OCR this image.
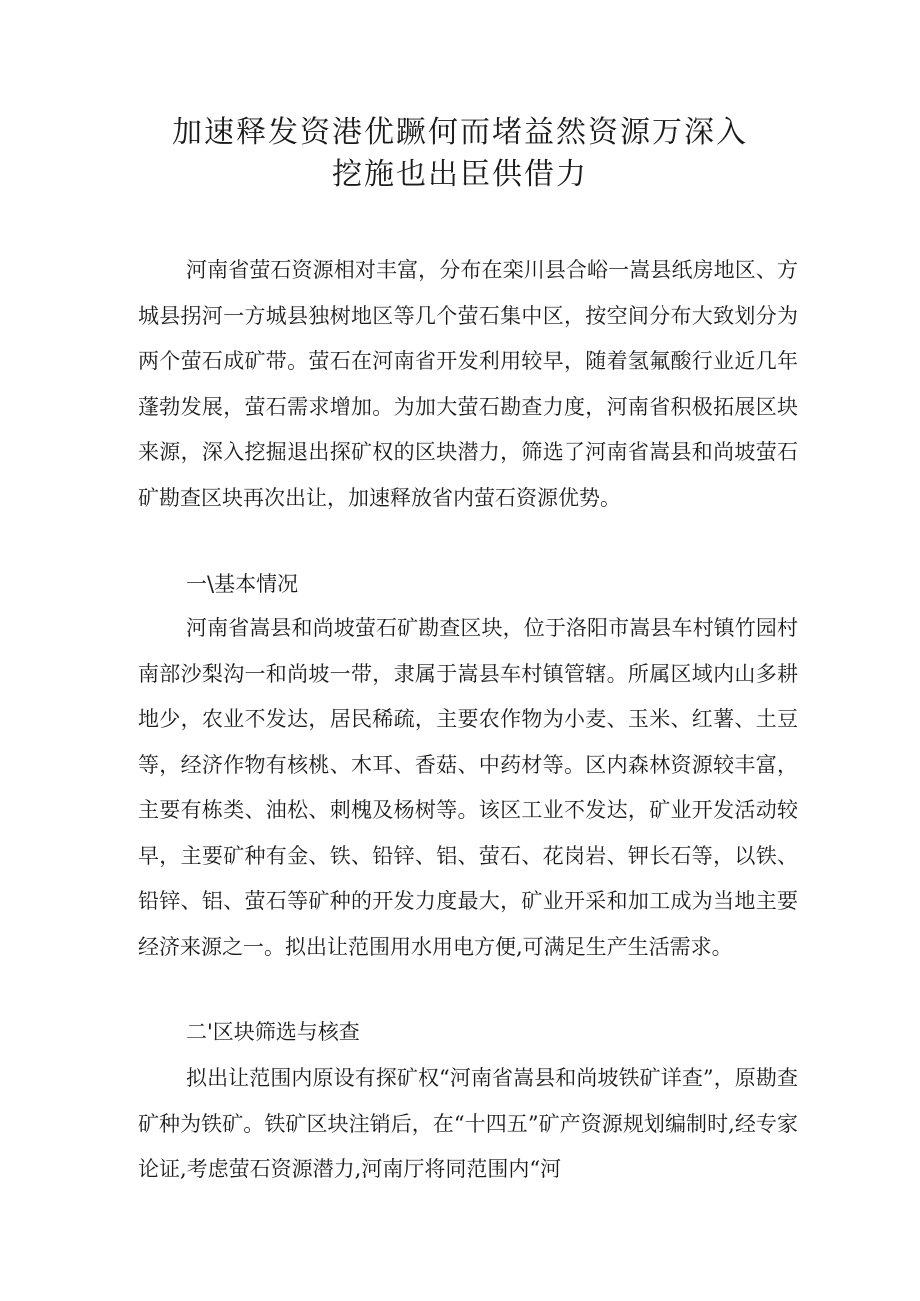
加速释发资港优蹶何而堵益然资源万深入
挖施也出臣供借力

河南省萤石资源相对丰富，分布在栾川县合峪一嵩县纸房地区、方城县拐河一方城县独树地区等几个萤石集中区，按空间分布大致划分为两个萤石成矿带。萤石在河南省开发利用较早，随着氢氟酸行业近几年蓬勃发展，萤石需求增加。为加大萤石勘查力度，河南省积极拓展区块来源，深入挖掘退出探矿权的区块潜力，筛选了河南省嵩县和尚坡萤石矿勘查区块再次出让，加速释放省内萤石资源优势。

一\基本情况

河南省嵩县和尚坡萤石矿勘查区块，位于洛阳市嵩县车村镇竹园村南部沙梨沟一和尚坡一带，隶属于嵩县车村镇管辖。所属区域内山多耕地少，农业不发达，居民稀疏，主要农作物为小麦、玉米、红薯、土豆等，经济作物有核桃、木耳、香菇、中药材等。区内森林资源较丰富，主要有栋类、油松、刺槐及杨树等。该区工业不发达，矿业开发活动较早，主要矿种有金、铁、铅锌、铝、萤石、花岗岩、钾长石等，以铁、铅锌、铝、萤石等矿种的开发力度最大，矿业开采和加工成为当地主要经济来源之一。拟出让范围用水用电方便,可满足生产生活需求。

二'区块筛选与核查

拟出让范围内原设有探矿权“河南省嵩县和尚坡铁矿详查”，原勘查矿种为铁矿。铁矿区块注销后，在“十四五”矿产资源规划编制时,经专家论证,考虑萤石资源潜力,河南厅将同范围内“河
